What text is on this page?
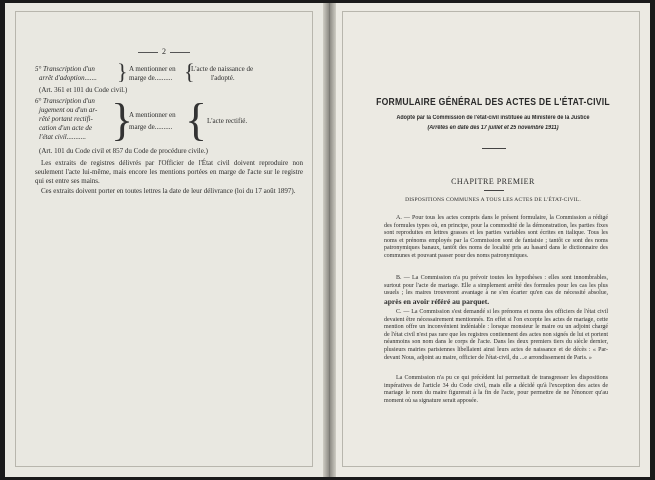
2
5° Transcription d'un
arrêt d'adoption....... } A mentionner en
marge de.......... {
L'acte de naissance de
l'adopté.
(Art. 361 et 101 du Code civil.)
6° Transcription d'un
jugement ou d'un ar-
rêté portant rectifi-
cation d'un acte de
l'état civil........... }
A mentionner en
marge de.......... { L'acte rectifié.
(Art. 101 du Code civil et 857 du Code de procédure civile.)
Les extraits de registres délivrés par l'Officier de l'État civil doivent reproduire non seulement l'acte lui-même, mais encore les mentions portées en marge de l'acte sur le registre qui est entre ses mains.
Ces extraits doivent porter en toutes lettres la date de leur délivrance (loi du 17 août 1897).
FORMULAIRE GÉNÉRAL DES ACTES DE L'ÉTAT-CIVIL
Adopté par la Commission de l'état-civil instituée au Ministère de la Justice
(Arrêtés en date des 17 juillet et 25 novembre 1911)
CHAPITRE PREMIER
DISPOSITIONS COMMUNES A TOUS LES ACTES DE L'ÉTAT-CIVIL.
A. — Pour tous les actes compris dans le présent formulaire, la Commission a rédigé des formules types où, en principe, pour la commodité de la démonstration, les parties fixes sont reproduites en lettres grasses et les parties variables sont écrites en italique. Tous les noms et prénoms employés par la Commission sont de fantaisie ; tantôt ce sont des noms patronymiques banaux, tantôt des noms de localité pris au hasard dans le dictionnaire des communes et pouvant passer pour des noms patronymiques.
B. — La Commission n'a pu prévoir toutes les hypothèses : elles sont innombrables, surtout pour l'acte de mariage. Elle a simplement arrêté des formules pour les cas les plus usuels ; les maires trouveront avantage à ne s'en écarter qu'en cas de nécessité absolue, après en avoir référé au parquet.
C. — La Commission s'est demandé si les prénoms et noms des officiers de l'état civil devaient être nécessairement mentionnés. En effet si l'on excepte les actes de mariage, cette mention offre un inconvénient indéniable : lorsque monsieur le maire ou un adjoint chargé de l'état civil n'est pas rare que les registres contiennent des actes non signés de lui et portent néanmoins son nom dans le corps de l'acte. Dans les deux premiers tiers du siècle dernier, plusieurs mairies parisiennes libellaient ainsi leurs actes de naissance et de décès : « Par-devant Nous, adjoint au maire, officier de l'état-civil, du ...e arrondissement de Paris. »
La Commission n'a pu ce qui précèdent lui permettait de transgresser les dispositions impératives de l'article 34 du Code civil, mais elle a décidé qu'à l'exception des actes de mariage le nom du maire figurerait à la fin de l'acte, pour permettre de ne l'énoncer qu'au moment où sa signature serait apposée.
